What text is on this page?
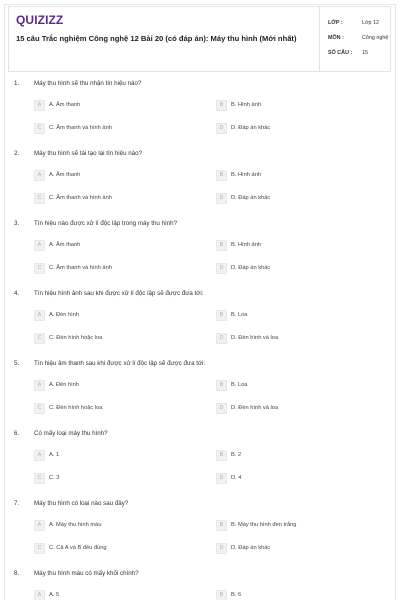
QUIZIZZ
15 câu Trắc nghiệm Công nghệ 12 Bài 20 (có đáp án): Máy thu hình (Mới nhất)
LỚP :	Lớp 12
MÔN :	Công nghệ
SỐ CÂU : 15
1. Máy thu hình sẽ thu nhận tín hiệu nào?
A	A. Âm thanh	B	B. Hình ảnh
C	C. Âm thanh và hình ảnh	D	D. Đáp án khác
2. Máy thu hình sẽ tái tạo lại tín hiệu nào?
A	A. Âm thanh	B	B. Hình ảnh
C	C. Âm thanh và hình ảnh	D	D. Đáp án khác
3. Tín hiệu nào được xử lí độc lập trong máy thu hình?
A	A. Âm thanh	B	B. Hình ảnh
C	C. Âm thanh và hình ảnh	D	D. Đáp án khác
4. Tín hiệu hình ảnh sau khi được xử lí độc lập sẽ được đưa tới:
A	A. Đèn hình	B	B. Loa
C	C. Đèn hình hoặc loa	D	D. Đèn hình và loa
5. Tín hiệu âm thanh sau khi được xử lí độc lập sẽ được đưa tới:
A	A. Đèn hình	B	B. Loa
C	C. Đèn hình hoặc loa	D	D. Đèn hình và loa
6. Có mấy loại máy thu hình?
A	A. 1	B	B. 2
C	C. 3	D	D. 4
7. Máy thu hình có loại nào sau đây?
A	A. Máy thu hình màu	B	B. Máy thu hình đen trắng
C	C. Cả A và B đều đúng	D	D. Đáp án khác
8. Máy thu hình màu có mấy khối chính?
A	A. 5	B	B. 6
